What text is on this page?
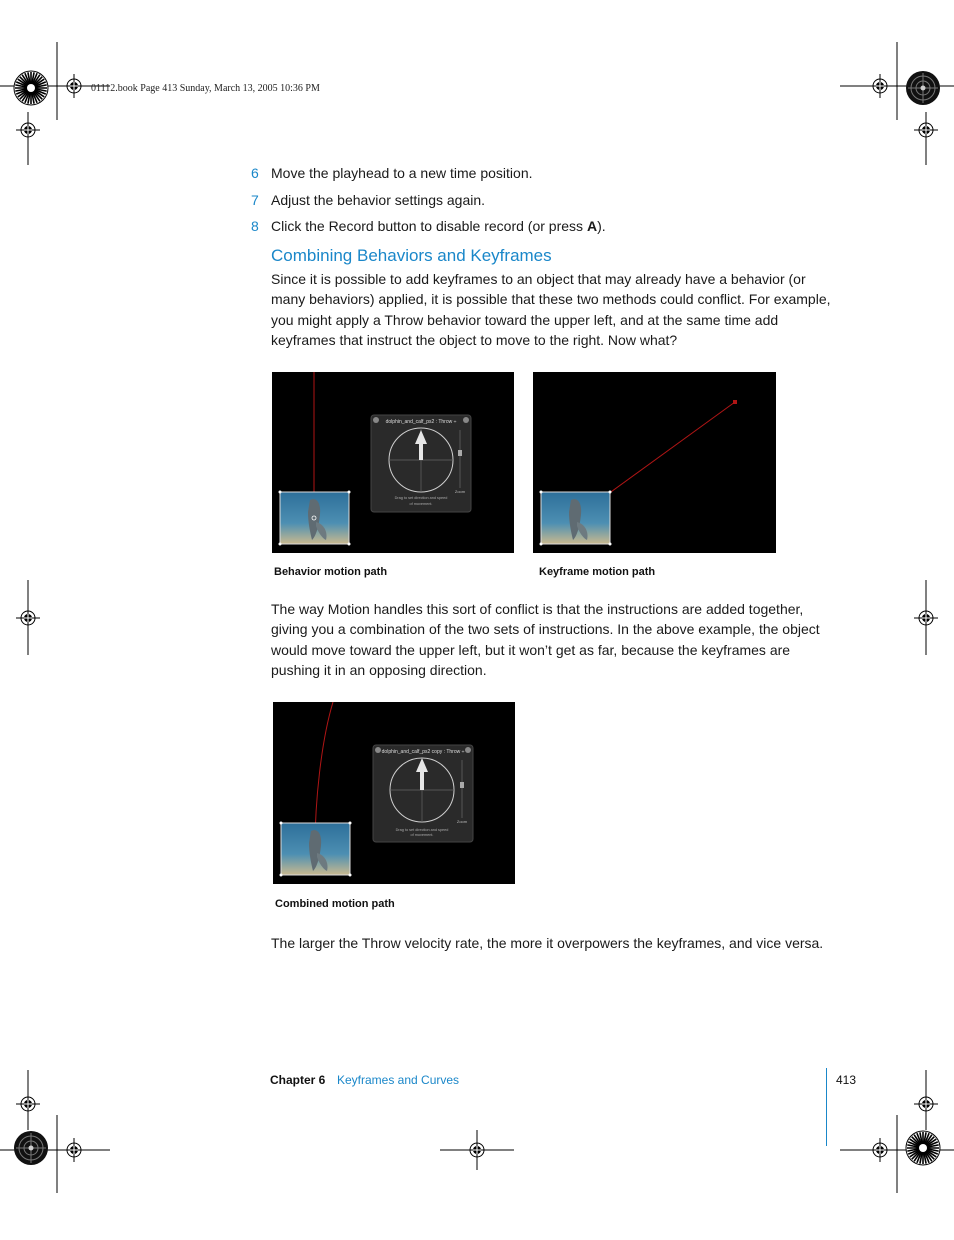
01112.book Page 413 Sunday, March 13, 2005 10:36 PM
6 Move the playhead to a new time position.
7 Adjust the behavior settings again.
8 Click the Record button to disable record (or press A).
Combining Behaviors and Keyframes
Since it is possible to add keyframes to an object that may already have a behavior (or many behaviors) applied, it is possible that these two methods could conflict. For example, you might apply a Throw behavior toward the upper left, and at the same time add keyframes that instruct the object to move to the right. Now what?
dolphin_and_calf_ps2 : Throw ÷
Zoom
Drag to set direction and speed
of movement.
Behavior motion path	Keyframe motion path
The way Motion handles this sort of conflict is that the instructions are added together, giving you a combination of the two sets of instructions. In the above example, the object would move toward the upper left, but it won’t get as far, because the keyframes are pushing it in an opposing direction.
dolphin_and_calf_ps2 copy : Throw ÷
Zoom
Drag to set direction and speed
of movement.
Combined motion path
The larger the Throw velocity rate, the more it overpowers the keyframes, and vice versa.
Chapter 6 Keyframes and Curves	413
